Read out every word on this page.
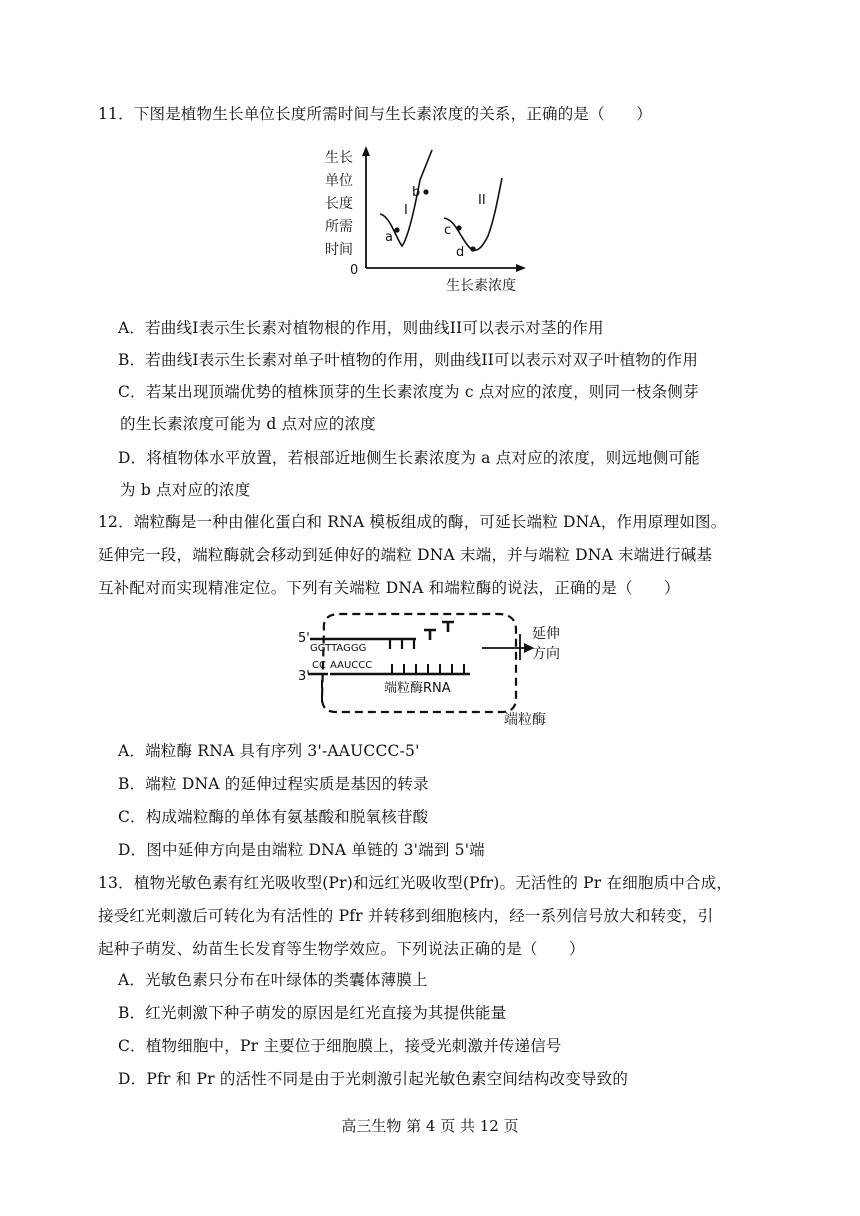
11．下图是植物生长单位长度所需时间与生长素浓度的关系，正确的是（　　）
生长
单位
长度
所需
时间
0
生长素浓度
a
b
I
c
d
II
A．若曲线I表示生长素对植物根的作用，则曲线II可以表示对茎的作用
B．若曲线I表示生长素对单子叶植物的作用，则曲线II可以表示对双子叶植物的作用
C．若某出现顶端优势的植株顶芽的生长素浓度为 c 点对应的浓度，则同一枝条侧芽
的生长素浓度可能为 d 点对应的浓度
D．将植物体水平放置，若根部近地侧生长素浓度为 a 点对应的浓度，则远地侧可能
为 b 点对应的浓度
12．端粒酶是一种由催化蛋白和 RNA 模板组成的酶，可延长端粒 DNA，作用原理如图。
延伸完一段，端粒酶就会移动到延伸好的端粒 DNA 末端，并与端粒 DNA 末端进行碱基
互补配对而实现精准定位。下列有关端粒 DNA 和端粒酶的说法，正确的是（　　）
5'
3'
GGTTAGGG
CC AAUCCC
端粒酶RNA
延伸
方向
端粒酶
A．端粒酶 RNA 具有序列 3'-AAUCCC-5'
B．端粒 DNA 的延伸过程实质是基因的转录
C．构成端粒酶的单体有氨基酸和脱氧核苷酸
D．图中延伸方向是由端粒 DNA 单链的 3'端到 5'端
13．植物光敏色素有红光吸收型(Pr)和远红光吸收型(Pfr)。无活性的 Pr 在细胞质中合成，
接受红光刺激后可转化为有活性的 Pfr 并转移到细胞核内，经一系列信号放大和转变，引
起种子萌发、幼苗生长发育等生物学效应。下列说法正确的是（　　）
A．光敏色素只分布在叶绿体的类囊体薄膜上
B．红光刺激下种子萌发的原因是红光直接为其提供能量
C．植物细胞中，Pr 主要位于细胞膜上，接受光刺激并传递信号
D．Pfr 和 Pr 的活性不同是由于光刺激引起光敏色素空间结构改变导致的
高三生物 第 4 页 共 12 页
